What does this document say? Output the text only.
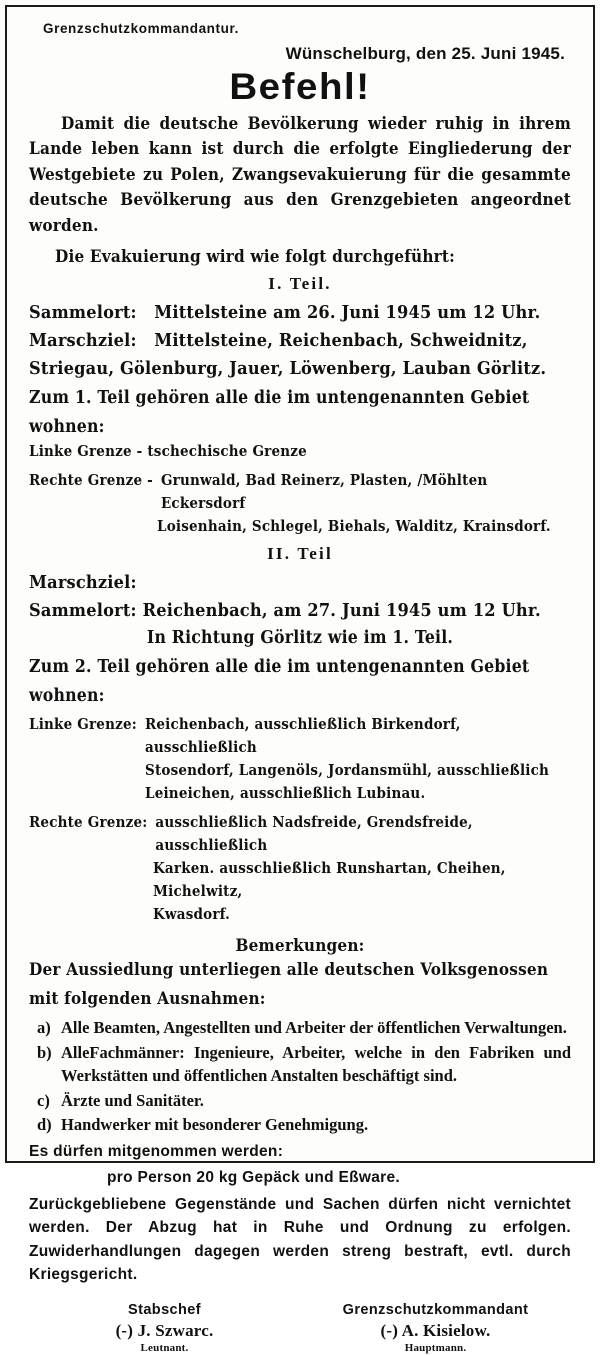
Grenzschutzkommandantur.
Wünschelburg, den 25. Juni 1945.
Befehl!
Damit die deutsche Bevölkerung wieder ruhig in ihrem Lande leben kann ist durch die erfolgte Eingliederung der Westgebiete zu Polen, Zwangsevakuierung für die gesammte deutsche Bevölkerung aus den Grenzgebieten angeordnet worden.
Die Evakuierung wird wie folgt durchgeführt:
I. Teil.
Sammelort: Mittelsteine am 26. Juni 1945 um 12 Uhr.
Marschziel: Mittelsteine, Reichenbach, Schweidnitz,
Striegau, Gölenburg, Jauer, Löwenberg, Lauban Görlitz.
Zum 1. Teil gehören alle die im untengenannten Gebiet
wohnen:
Linke Grenze - tschechische Grenze
Rechte Grenze - Grunwald, Bad Reinerz, Plasten, /Möhlten Eckersdorf
Loisenhain, Schlegel, Biehals, Walditz, Krainsdorf.
II. Teil
Marschziel:
Sammelort: Reichenbach, am 27. Juni 1945 um 12 Uhr.
In Richtung Görlitz wie im 1. Teil.
Zum 2. Teil gehören alle die im untengenannten Gebiet
wohnen:
Linke Grenze: Reichenbach, ausschließlich Birkendorf, ausschließlich
Stosendorf, Langenöls, Jordansmühl, ausschließlich
Leineichen, ausschließlich Lubinau.
Rechte Grenze: ausschließlich Nadsfreide, Grendsfreide, ausschließlich
Karken. ausschließlich Runshartan, Cheihen, Michelwitz,
Kwasdorf.
Bemerkungen:
Der Aussiedlung unterliegen alle deutschen Volksgenossen
mit folgenden Ausnahmen:
a) Alle Beamten, Angestellten und Arbeiter der öffentlichen Verwaltungen.
b) AlleFachmänner: Ingenieure, Arbeiter, welche in den Fabriken und Werkstätten und öffentlichen Anstalten beschäftigt sind.
c) Ärzte und Sanitäter.
d) Handwerker mit besonderer Genehmigung.
Es dürfen mitgenommen werden:
pro Person 20 kg Gepäck und Eßware.
Zurückgebliebene Gegenstände und Sachen dürfen nicht vernichtet werden. Der Abzug hat in Ruhe und Ordnung zu erfolgen. Zuwiderhandlungen dagegen werden streng bestraft, evtl. durch Kriegsgericht.
Stabschef
(-) J. Szwarc.
Leutnant.
Grenzschutzkommandant
(-) A. Kisielow.
Hauptmann.
